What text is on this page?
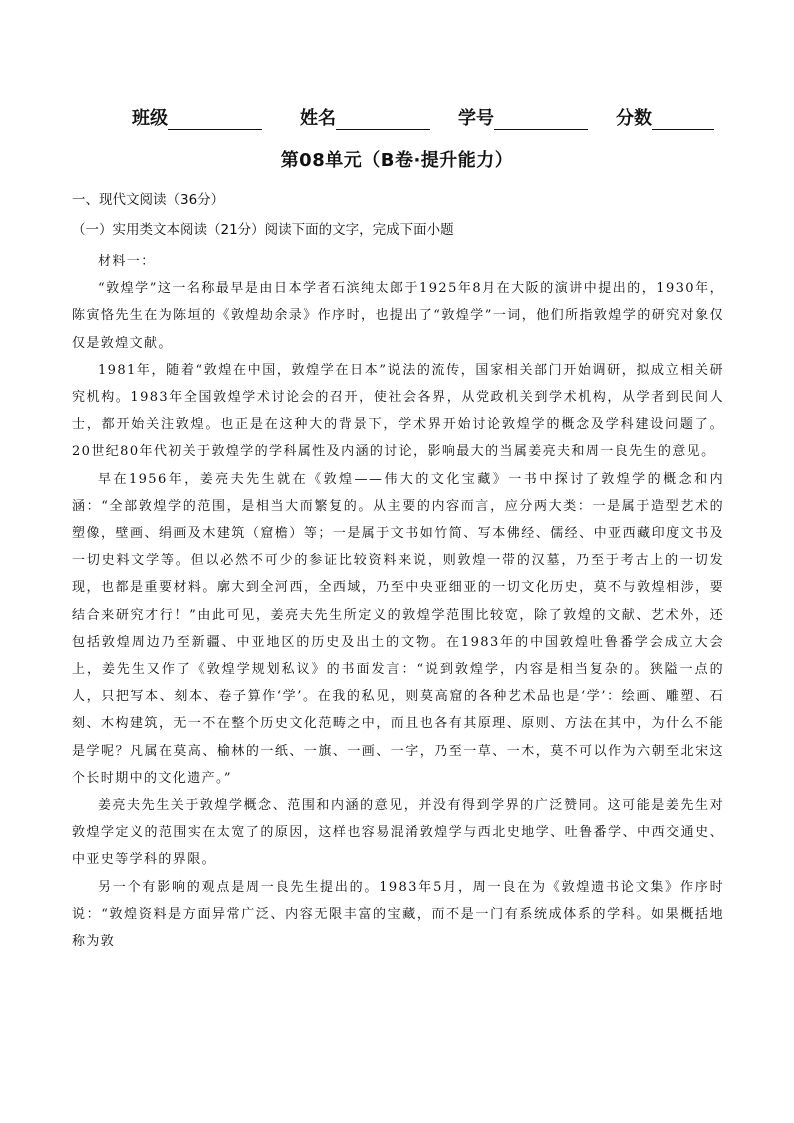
班级	姓名	学号	分数
第08单元（B卷·提升能力）
一、现代文阅读（36分）
（一）实用类文本阅读（21分）阅读下面的文字，完成下面小题

材料一：

“敦煌学”这一名称最早是由日本学者石滨纯太郎于1925年8月在大阪的演讲中提出的，1930年，陈寅恪先生在为陈垣的《敦煌劫余录》作序时，也提出了“敦煌学”一词，他们所指敦煌学的研究对象仅仅是敦煌文献。

1981年，随着“敦煌在中国，敦煌学在日本”说法的流传，国家相关部门开始调研，拟成立相关研究机构。1983年全国敦煌学术讨论会的召开，使社会各界，从党政机关到学术机构，从学者到民间人士，都开始关注敦煌。也正是在这种大的背景下，学术界开始讨论敦煌学的概念及学科建设问题了。20世纪80年代初关于敦煌学的学科属性及内涵的讨论，影响最大的当属姜亮夫和周一良先生的意见。

早在1956年，姜亮夫先生就在《敦煌——伟大的文化宝藏》一书中探讨了敦煌学的概念和内涵：“全部敦煌学的范围，是相当大而繁复的。从主要的内容而言，应分两大类：一是属于造型艺术的塑像，壁画、绢画及木建筑（窟檐）等；一是属于文书如竹简、写本佛经、儒经、中亚西藏印度文书及一切史料文学等。但以必然不可少的参证比较资料来说，则敦煌一带的汉墓，乃至于考古上的一切发现，也都是重要材料。廓大到全河西，全西域，乃至中央亚细亚的一切文化历史，莫不与敦煌相涉，要结合来研究才行！”由此可见，姜亮夫先生所定义的敦煌学范围比较宽，除了敦煌的文献、艺术外，还包括敦煌周边乃至新疆、中亚地区的历史及出土的文物。在1983年的中国敦煌吐鲁番学会成立大会上，姜先生又作了《敦煌学规划私议》的书面发言：“说到敦煌学，内容是相当复杂的。狭隘一点的人，只把写本、刻本、卷子算作‘学’。在我的私见，则莫高窟的各种艺术品也是‘学’：绘画、雕塑、石刻、木构建筑，无一不在整个历史文化范畴之中，而且也各有其原理、原则、方法在其中，为什么不能是学呢？凡属在莫高、榆林的一纸、一旗、一画、一字，乃至一草、一木，莫不可以作为六朝至北宋这个长时期中的文化遗产。”

姜亮夫先生关于敦煌学概念、范围和内涵的意见，并没有得到学界的广泛赞同。这可能是姜先生对敦煌学定义的范围实在太宽了的原因，这样也容易混淆敦煌学与西北史地学、吐鲁番学、中西交通史、中亚史等学科的界限。

另一个有影响的观点是周一良先生提出的。1983年5月，周一良在为《敦煌遗书论文集》作序时说：“敦煌资料是方面异常广泛、内容无限丰富的宝藏，而不是一门有系统成体系的学科。如果概括地称为敦
